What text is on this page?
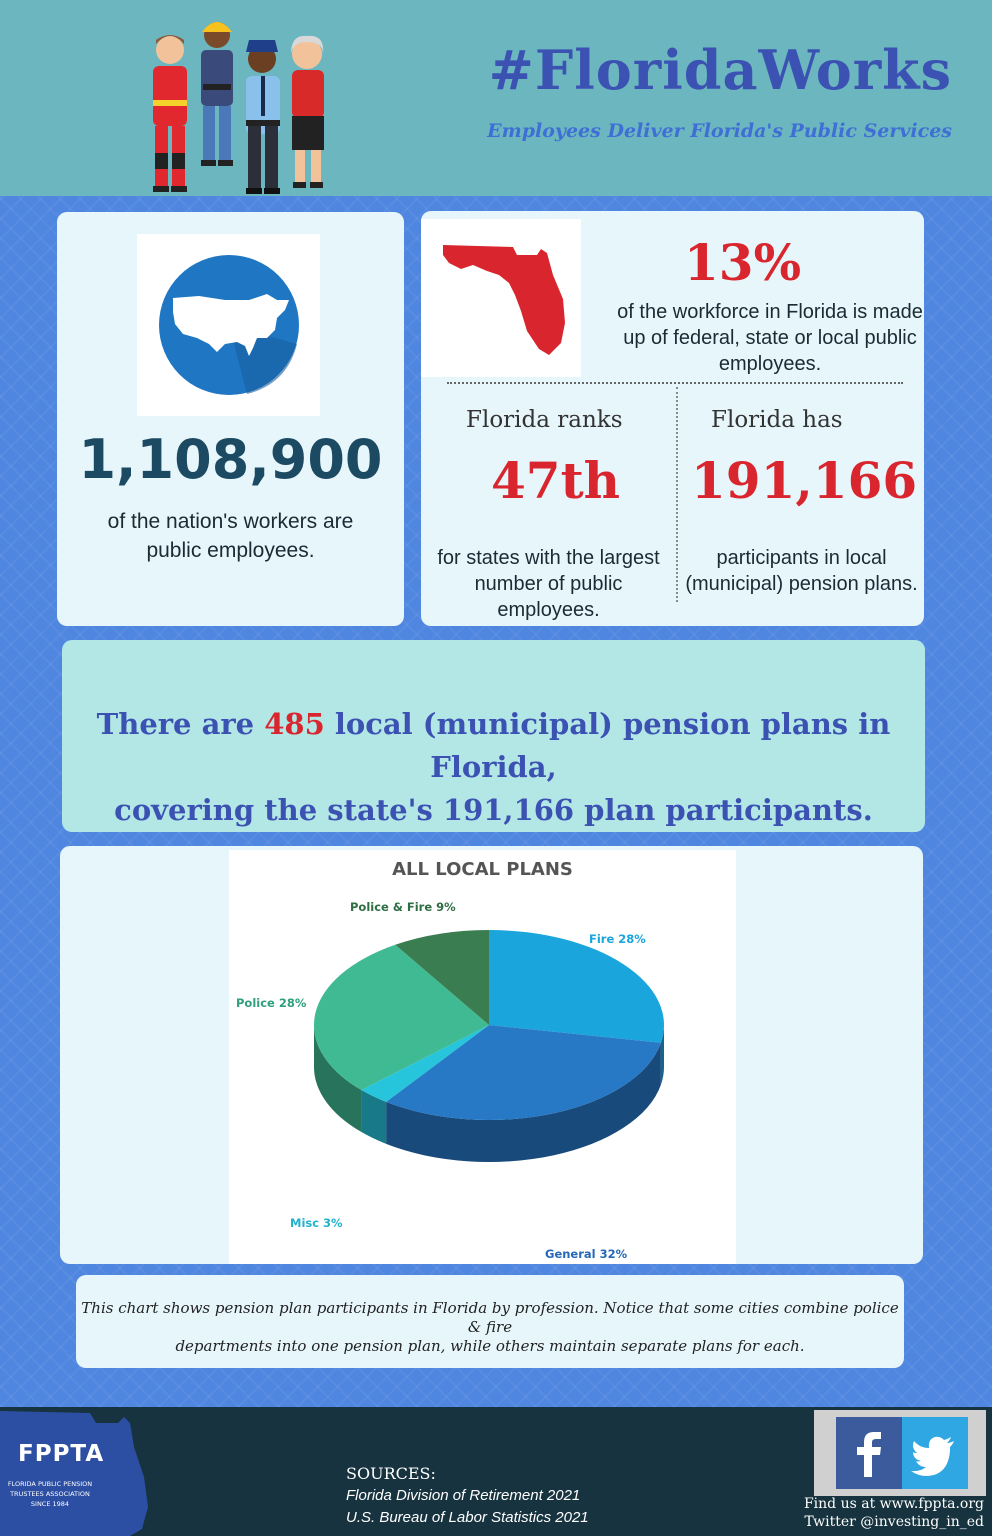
#FloridaWorks
Employees Deliver Florida's Public Services
1,108,900
of the nation's workers are
public employees.
13%
of the workforce in Florida is made
up of federal, state or local public
employees.
Florida ranks
47th
for states with the largest
number of public employees.
Florida has
191,166
participants in local
(municipal) pension plans.
There are 485 local (municipal) pension plans in Florida,
covering the state's 191,166 plan participants.
ALL LOCAL PLANS
Fire 28%
General 32%
Misc 3%
Police 28%
Police & Fire 9%
This chart shows pension plan participants in Florida by profession. Notice that some cities combine police & fire
departments into one pension plan, while others maintain separate plans for each.
FPPTA
FLORIDA PUBLIC PENSION
TRUSTEES ASSOCIATION
SINCE 1984
SOURCES:
Florida Division of Retirement 2021
U.S. Bureau of Labor Statistics 2021
Find us at www.fppta.org
Twitter @investing_in_ed
